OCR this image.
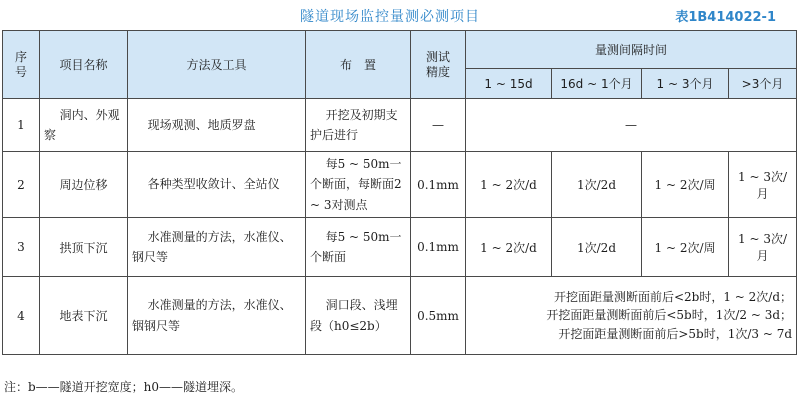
隧道现场监控量测必测项目	表1B414022-1
序
号	项目名称	方法及工具	布　置	测试
精度	量测间隔时间			
					1 ~ 15d	16d ~ 1个月	1 ~ 3个月	>3个月
1	洞内、外观察	现场观测、地质罗盘	开挖及初期支护后进行	—	—			
2	周边位移	各种类型收敛计、全站仪	每5 ~ 50m一个断面，每断面2 ~ 3对测点	0.1mm	1 ~ 2次/d	1次/2d	1 ~ 2次/周	1 ~ 3次/月
3	拱顶下沉	水准测量的方法，水准仪、钢尺等	每5 ~ 50m一个断面	0.1mm	1 ~ 2次/d	1次/2d	1 ~ 2次/周	1 ~ 3次/月
4	地表下沉	水准测量的方法，水准仪、铟钢尺等	洞口段、浅埋段（h0≤2b）	0.5mm	开挖面距量测断面前后<2b时，1 ~ 2次/d；
开挖面距量测断面前后<5b时，1次/2 ~ 3d；
开挖面距量测断面前后>5b时，1次/3 ~ 7d			
注：b——隧道开挖宽度；h0——隧道埋深。
